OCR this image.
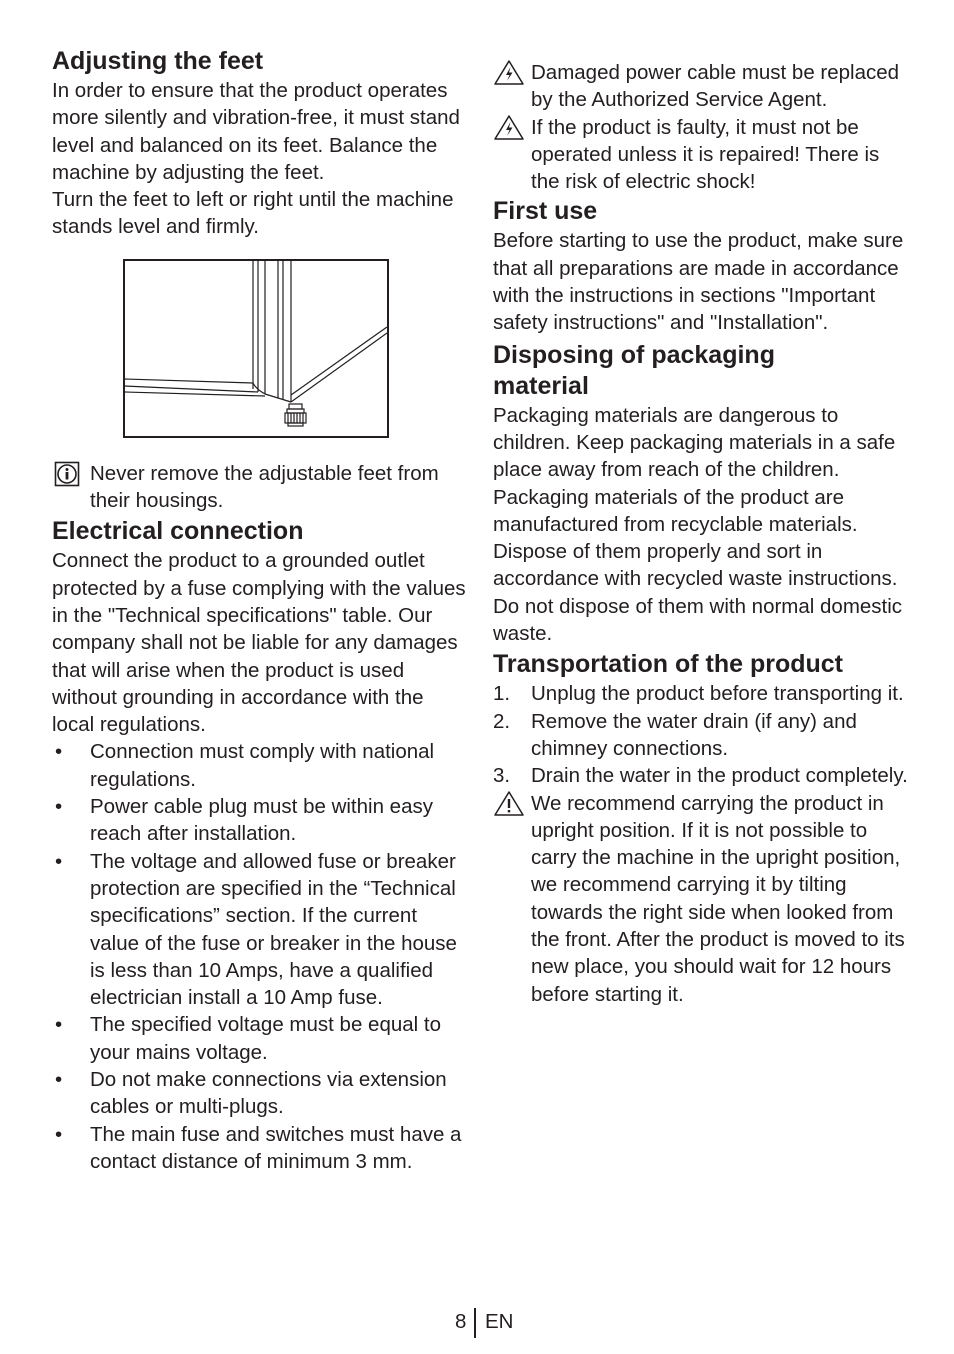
Adjusting the feet

In order to ensure that the product operates more silently and vibration-free, it must stand level and balanced on its feet. Balance the machine by adjusting the feet.

Turn the feet to left or right until the machine stands level and firmly.

Never remove the adjustable feet from their housings.
Electrical connection

Connect the product to a grounded outlet protected by a fuse complying with the values in the "Technical specifications" table. Our company shall not be liable for any damages that will arise when the product is used without grounding in accordance with the local regulations.

•	Connection must comply with national regulations.
•	Power cable plug must be within easy reach after installation.
•	The voltage and allowed fuse or breaker protection are specified in the “Technical specifications” section. If the current value of the fuse or breaker in the house is less than 10 Amps, have a qualified electrician install a 10 Amp fuse.
•	The specified voltage must be equal to your mains voltage.
•	Do not make connections via extension cables or multi-plugs.
•	The main fuse and switches must have a contact distance of minimum 3 mm.
Damaged power cable must be replaced by the Authorized Service Agent.
If the product is faulty, it must not be operated unless it is repaired! There is the risk of electric shock!
First use

Before starting to use the product, make sure that all preparations are made in accordance with the instructions in sections "Important safety instructions" and "Installation".

Disposing of packaging
material

Packaging materials are dangerous to children. Keep packaging materials in a safe place away from reach of the children.

Packaging materials of the product are manufactured from recyclable materials. Dispose of them properly and sort in accordance with recycled waste instructions. Do not dispose of them with normal domestic waste.

Transportation of the product
1.	Unplug the product before transporting it.
2.	Remove the water drain (if any) and chimney connections.
3.	Drain the water in the product completely.
We recommend carrying the product in upright position. If it is not possible to carry the machine in the upright position, we recommend carrying it by tilting towards the right side when looked from the front. After the product is moved to its new place, you should wait for 12 hours before starting it.
8 EN
